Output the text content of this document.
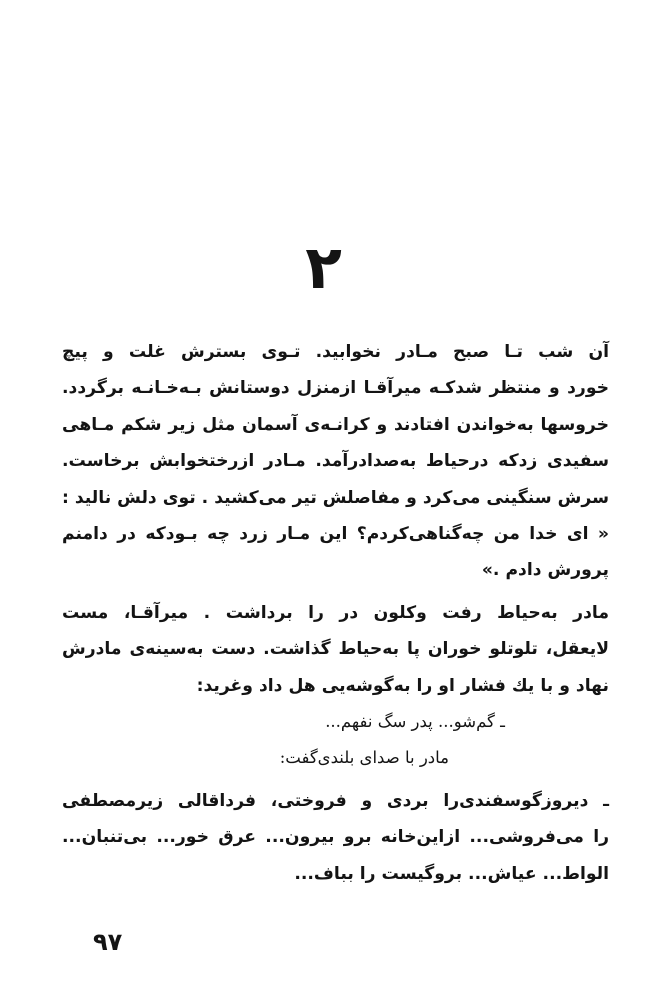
۲

آن شب تـا صبح مـادر نخوابید. تـوی بسترش غلت و پیچ
خورد و منتظر شدکـه میرآقـا ازمنزل دوستانش بـه‌خـانـه برگردد.
خروسها به‌خواندن افتادند و کرانـه‌ی آسمان مثل زیر شکم مـاهی
سفیدی زدکه درحیاط به‌صدادرآمد. مـادر ازرختخوابش برخاست.
سرش سنگینی می‌کرد و مفاصلش تیر می‌کشید . توی دلش نالید :
« ای خدا من چه‌گناهی‌کردم؟ این مـار زرد چه بـودکه در دامنم
پرورش دادم .»

مادر به‌حیاط رفت وکلون در را برداشت . میرآقـا، مست
لایعقل، تلوتلو خوران پا به‌حیاط گذاشت. دست به‌سینه‌ی مادرش
نهاد و با یك فشار او را به‌گوشه‌یی هل داد وغرید:

ـ گم‌شو... پدر سگ نفهم...

مادر با صدای بلندی‌گفت:

ـ دیروزگوسفندی‌را بردی و فروختی، فرداقالی زیرمصطفی
را می‌فروشی... ازاین‌خانه برو بیرون... عرق خور... بی‌تنبان...
الواط... عیاش... بروگیست را بباف...

۹۷
